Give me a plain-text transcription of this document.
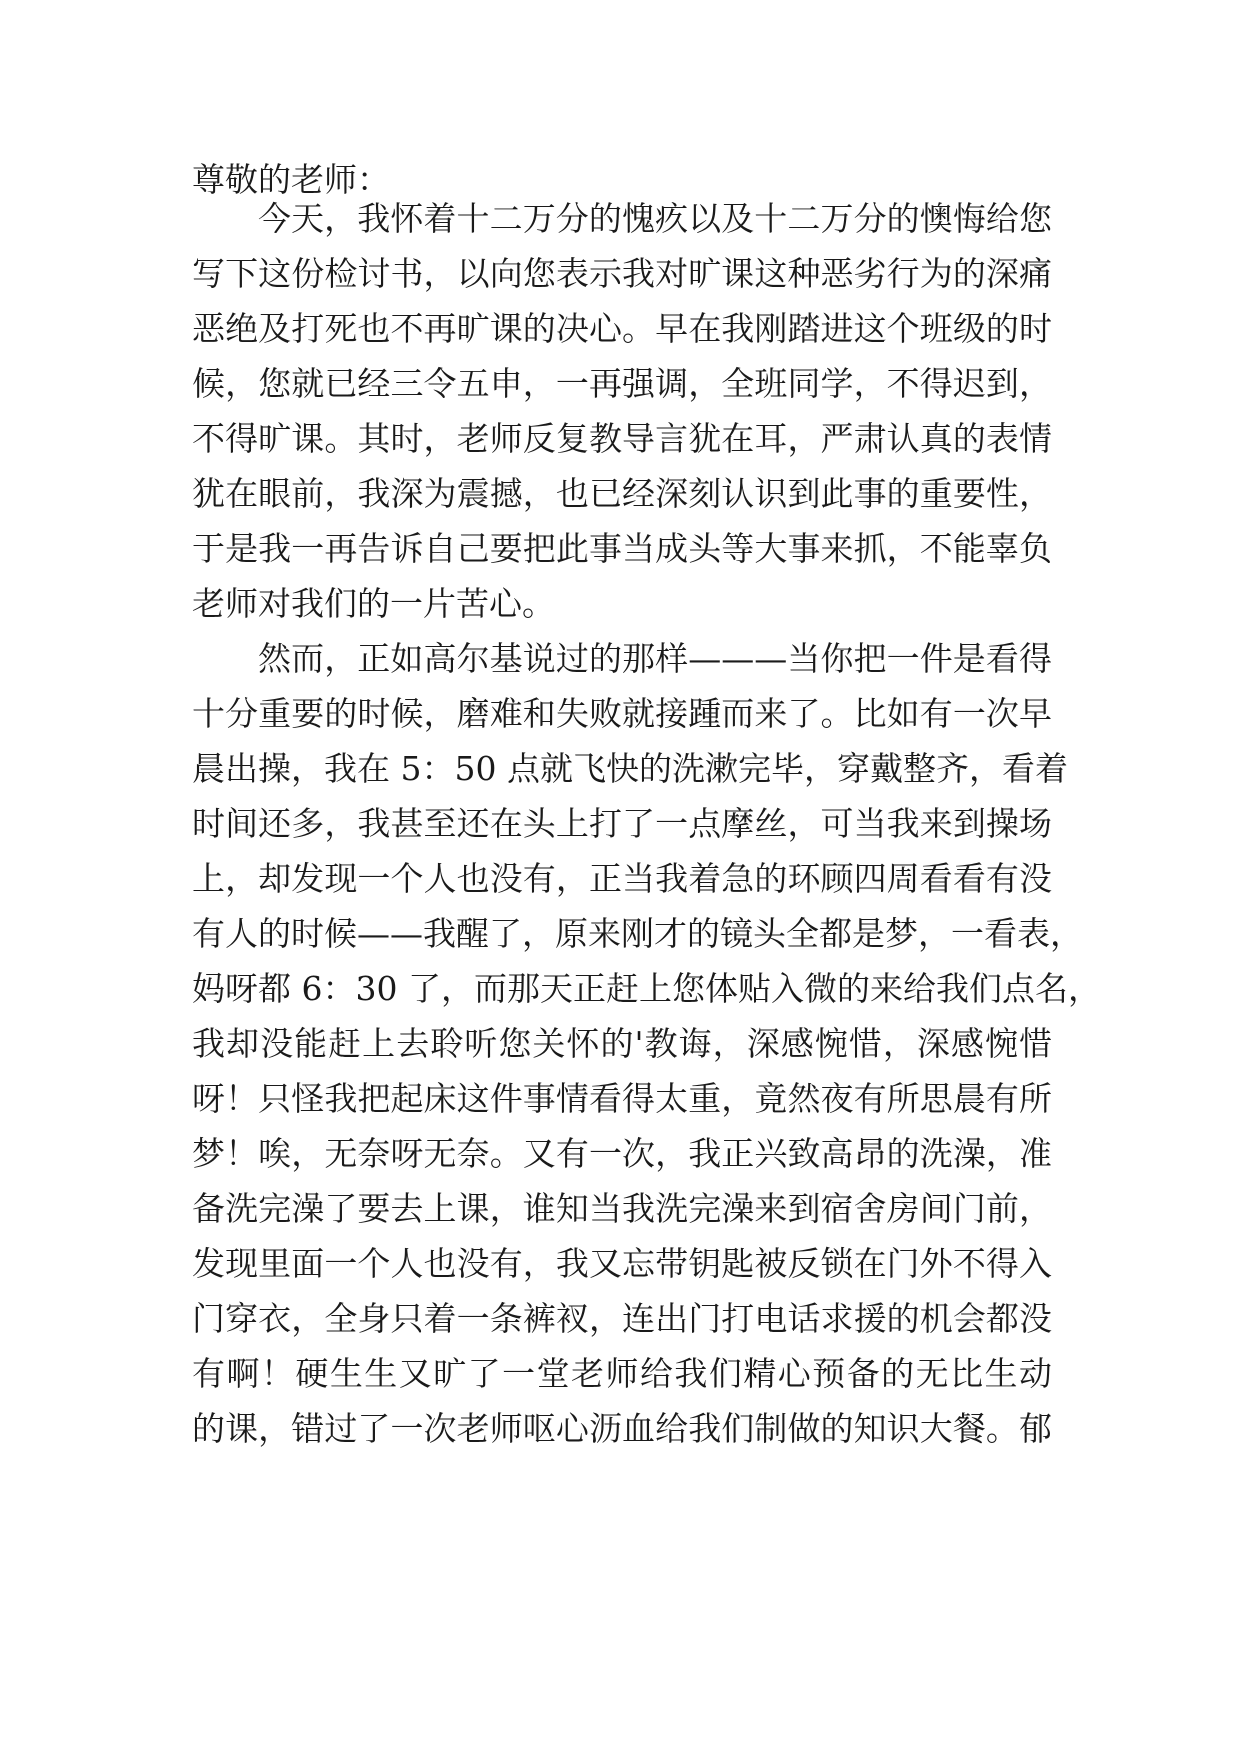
尊敬的老师：
今天，我怀着十二万分的愧疚以及十二万分的懊悔给您
写下这份检讨书，以向您表示我对旷课这种恶劣行为的深痛
恶绝及打死也不再旷课的决心。早在我刚踏进这个班级的时
候，您就已经三令五申，一再强调，全班同学，不得迟到，
不得旷课。其时，老师反复教导言犹在耳，严肃认真的表情
犹在眼前，我深为震撼，也已经深刻认识到此事的重要性，
于是我一再告诉自己要把此事当成头等大事来抓，不能辜负
老师对我们的一片苦心。
然而，正如高尔基说过的那样———当你把一件是看得
十分重要的时候，磨难和失败就接踵而来了。比如有一次早
晨出操，我在 5：50 点就飞快的洗漱完毕，穿戴整齐，看着
时间还多，我甚至还在头上打了一点摩丝，可当我来到操场
上，却发现一个人也没有，正当我着急的环顾四周看看有没
有人的时候——我醒了，原来刚才的镜头全都是梦，一看表，
妈呀都 6：30 了，而那天正赶上您体贴入微的来给我们点名，
我却没能赶上去聆听您关怀的'教诲，深感惋惜，深感惋惜
呀！只怪我把起床这件事情看得太重，竟然夜有所思晨有所
梦！唉，无奈呀无奈。又有一次，我正兴致高昂的洗澡，准
备洗完澡了要去上课，谁知当我洗完澡来到宿舍房间门前，
发现里面一个人也没有，我又忘带钥匙被反锁在门外不得入
门穿衣，全身只着一条裤衩，连出门打电话求援的机会都没
有啊！硬生生又旷了一堂老师给我们精心预备的无比生动
的课，错过了一次老师呕心沥血给我们制做的知识大餐。郁
